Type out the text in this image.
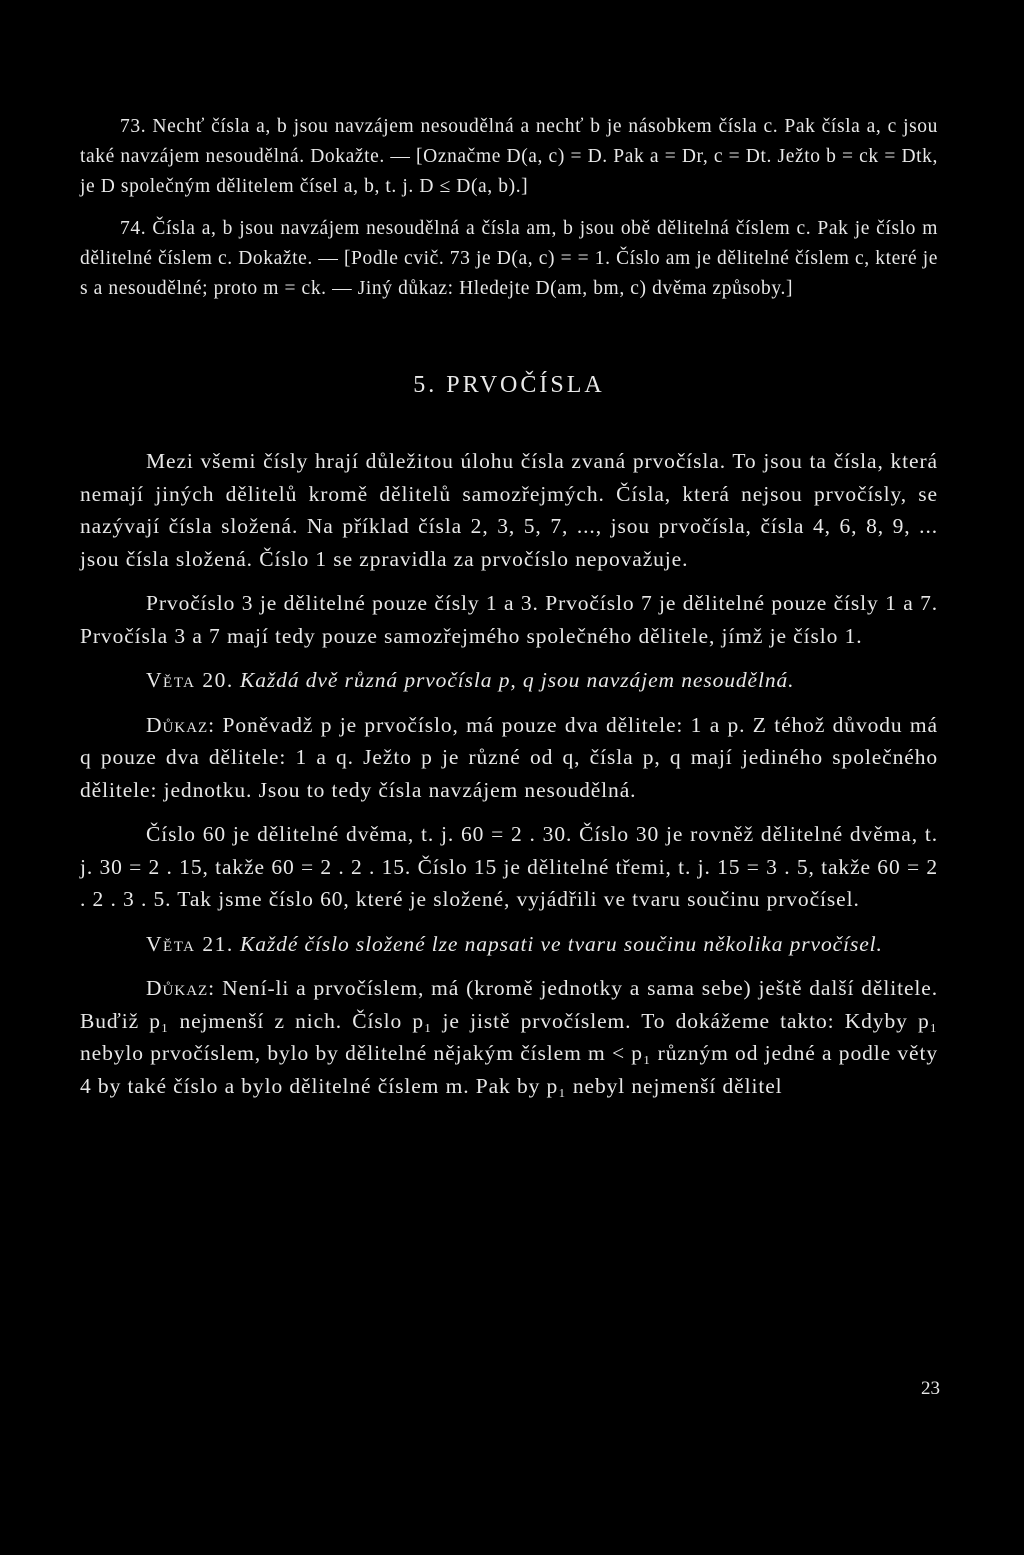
73. Nechť čísla a, b jsou navzájem nesoudělná a nechť b je násobkem čísla c. Pak čísla a, c jsou také navzájem nesoudělná. Dokažte. — [Označme D(a, c) = D. Pak a = Dr, c = Dt. Ježto b = ck = Dtk, je D společným dělitelem čísel a, b, t. j. D ≤ D(a, b).]

74. Čísla a, b jsou navzájem nesoudělná a čísla am, b jsou obě dělitelná číslem c. Pak je číslo m dělitelné číslem c. Dokažte. — [Podle cvič. 73 je D(a, c) = = 1. Číslo am je dělitelné číslem c, které je s a nesoudělné; proto m = ck. — Jiný důkaz: Hledejte D(am, bm, c) dvěma způsoby.]

5. PRVOČÍSLA

Mezi všemi čísly hrají důležitou úlohu čísla zvaná prvočísla. To jsou ta čísla, která nemají jiných dělitelů kromě dělitelů samozřejmých. Čísla, která nejsou prvočísly, se nazývají čísla složená. Na příklad čísla 2, 3, 5, 7, ..., jsou prvočísla, čísla 4, 6, 8, 9, ... jsou čísla složená. Číslo 1 se zpravidla za prvočíslo nepovažuje.

Prvočíslo 3 je dělitelné pouze čísly 1 a 3. Prvočíslo 7 je dělitelné pouze čísly 1 a 7. Prvočísla 3 a 7 mají tedy pouze samozřejmého společného dělitele, jímž je číslo 1.

Věta 20. Každá dvě různá prvočísla p, q jsou navzájem nesoudělná.

Důkaz: Poněvadž p je prvočíslo, má pouze dva dělitele: 1 a p. Z téhož důvodu má q pouze dva dělitele: 1 a q. Ježto p je různé od q, čísla p, q mají jediného společného dělitele: jednotku. Jsou to tedy čísla navzájem nesoudělná.

Číslo 60 je dělitelné dvěma, t. j. 60 = 2 . 30. Číslo 30 je rovněž dělitelné dvěma, t. j. 30 = 2 . 15, takže 60 = 2 . 2 . 15. Číslo 15 je dělitelné třemi, t. j. 15 = 3 . 5, takže 60 = 2 . 2 . 3 . 5. Tak jsme číslo 60, které je složené, vyjádřili ve tvaru součinu prvočísel.

Věta 21. Každé číslo složené lze napsati ve tvaru součinu několika prvočísel.

Důkaz: Není-li a prvočíslem, má (kromě jednotky a sama sebe) ještě další dělitele. Buďiž p₁ nejmenší z nich. Číslo p₁ je jistě prvočíslem. To dokážeme takto: Kdyby p₁ nebylo prvočíslem, bylo by dělitelné nějakým číslem m < p₁ různým od jedné a podle věty 4 by také číslo a bylo dělitelné číslem m. Pak by p₁ nebyl nejmenší dělitel

23
